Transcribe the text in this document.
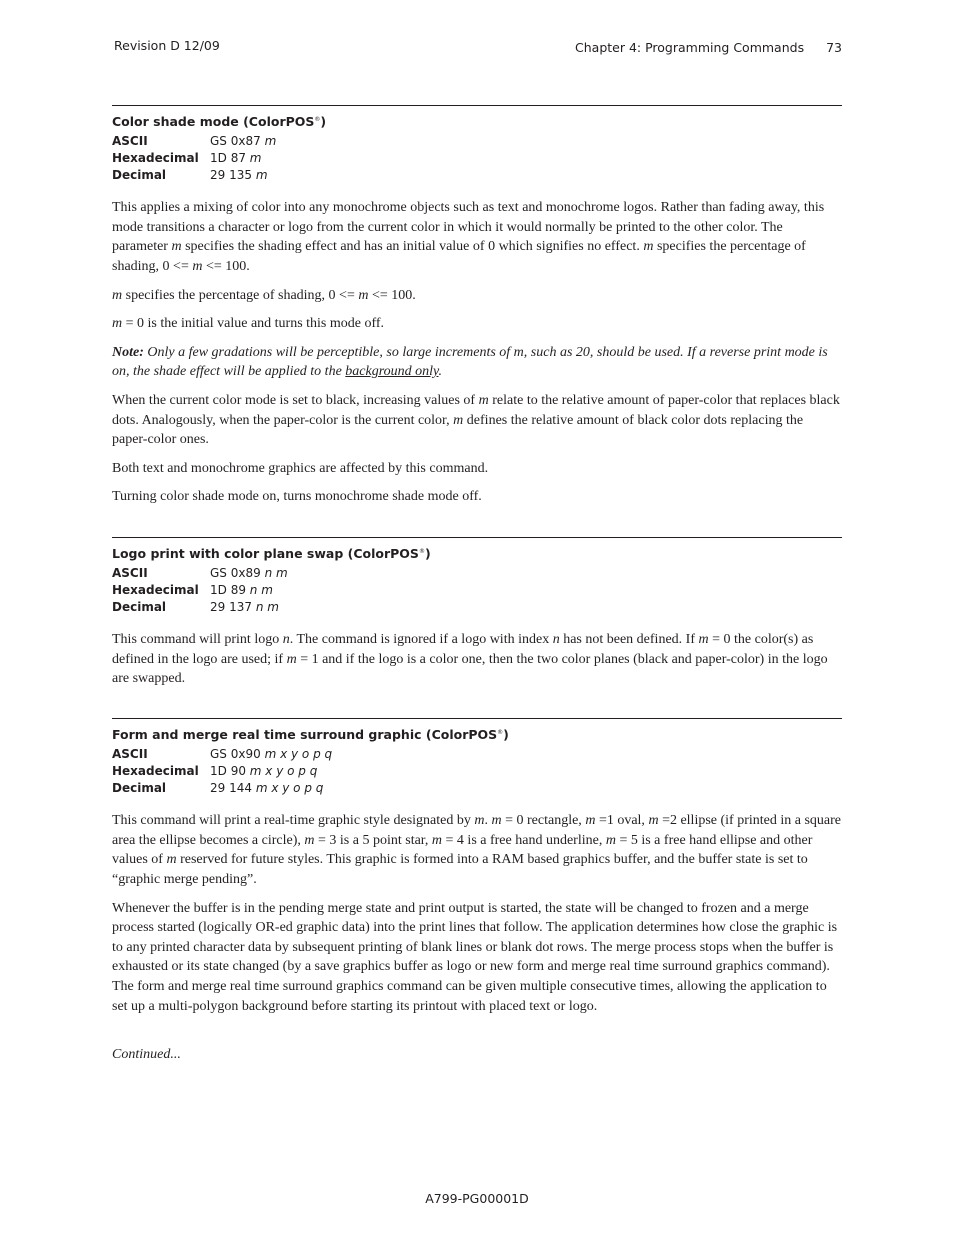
Revision D 12/09	Chapter 4: Programming Commands 73
Color shade mode (ColorPOS®)
ASCII	GS 0x87 m
Hexadecimal 1D 87 m
Decimal	29 135 m

This applies a mixing of color into any monochrome objects such as text and monochrome logos. Rather than fading away, this mode transitions a character or logo from the current color in which it would normally be printed to the other color. The parameter m specifies the shading effect and has an initial value of 0 which signifies no effect. m specifies the percentage of shading, 0 <= m <= 100.

m specifies the percentage of shading, 0 <= m <= 100.

m = 0 is the initial value and turns this mode off.

Note: Only a few gradations will be perceptible, so large increments of m, such as 20, should be used. If a reverse print mode is on, the shade effect will be applied to the background only.

When the current color mode is set to black, increasing values of m relate to the relative amount of paper-color that replaces black dots. Analogously, when the paper-color is the current color, m defines the relative amount of black color dots replacing the paper-color ones.

Both text and monochrome graphics are affected by this command.

Turning color shade mode on, turns monochrome shade mode off.

Logo print with color plane swap (ColorPOS®)
ASCII	GS 0x89 n m
Hexadecimal 1D 89 n m
Decimal	29 137 n m

This command will print logo n. The command is ignored if a logo with index n has not been defined. If m = 0 the color(s) as defined in the logo are used; if m = 1 and if the logo is a color one, then the two color planes (black and paper-color) in the logo are swapped.

Form and merge real time surround graphic (ColorPOS®)
ASCII	GS 0x90 m x y o p q
Hexadecimal 1D 90 m x y o p q
Decimal	29 144 m x y o p q

This command will print a real-time graphic style designated by m. m = 0 rectangle, m =1 oval, m =2 ellipse (if printed in a square area the ellipse becomes a circle), m = 3 is a 5 point star, m = 4 is a free hand underline, m = 5 is a free hand ellipse and other values of m reserved for future styles. This graphic is formed into a RAM based graphics buffer, and the buffer state is set to “graphic merge pending”.

Whenever the buffer is in the pending merge state and print output is started, the state will be changed to frozen and a merge process started (logically OR-ed graphic data) into the print lines that follow. The application determines how close the graphic is to any printed character data by subsequent printing of blank lines or blank dot rows. The merge process stops when the buffer is exhausted or its state changed (by a save graphics buffer as logo or new form and merge real time surround graphics command). The form and merge real time surround graphics command can be given multiple consecutive times, allowing the application to set up a multi-polygon background before starting its printout with placed text or logo.

Continued...

A799-PG00001D
